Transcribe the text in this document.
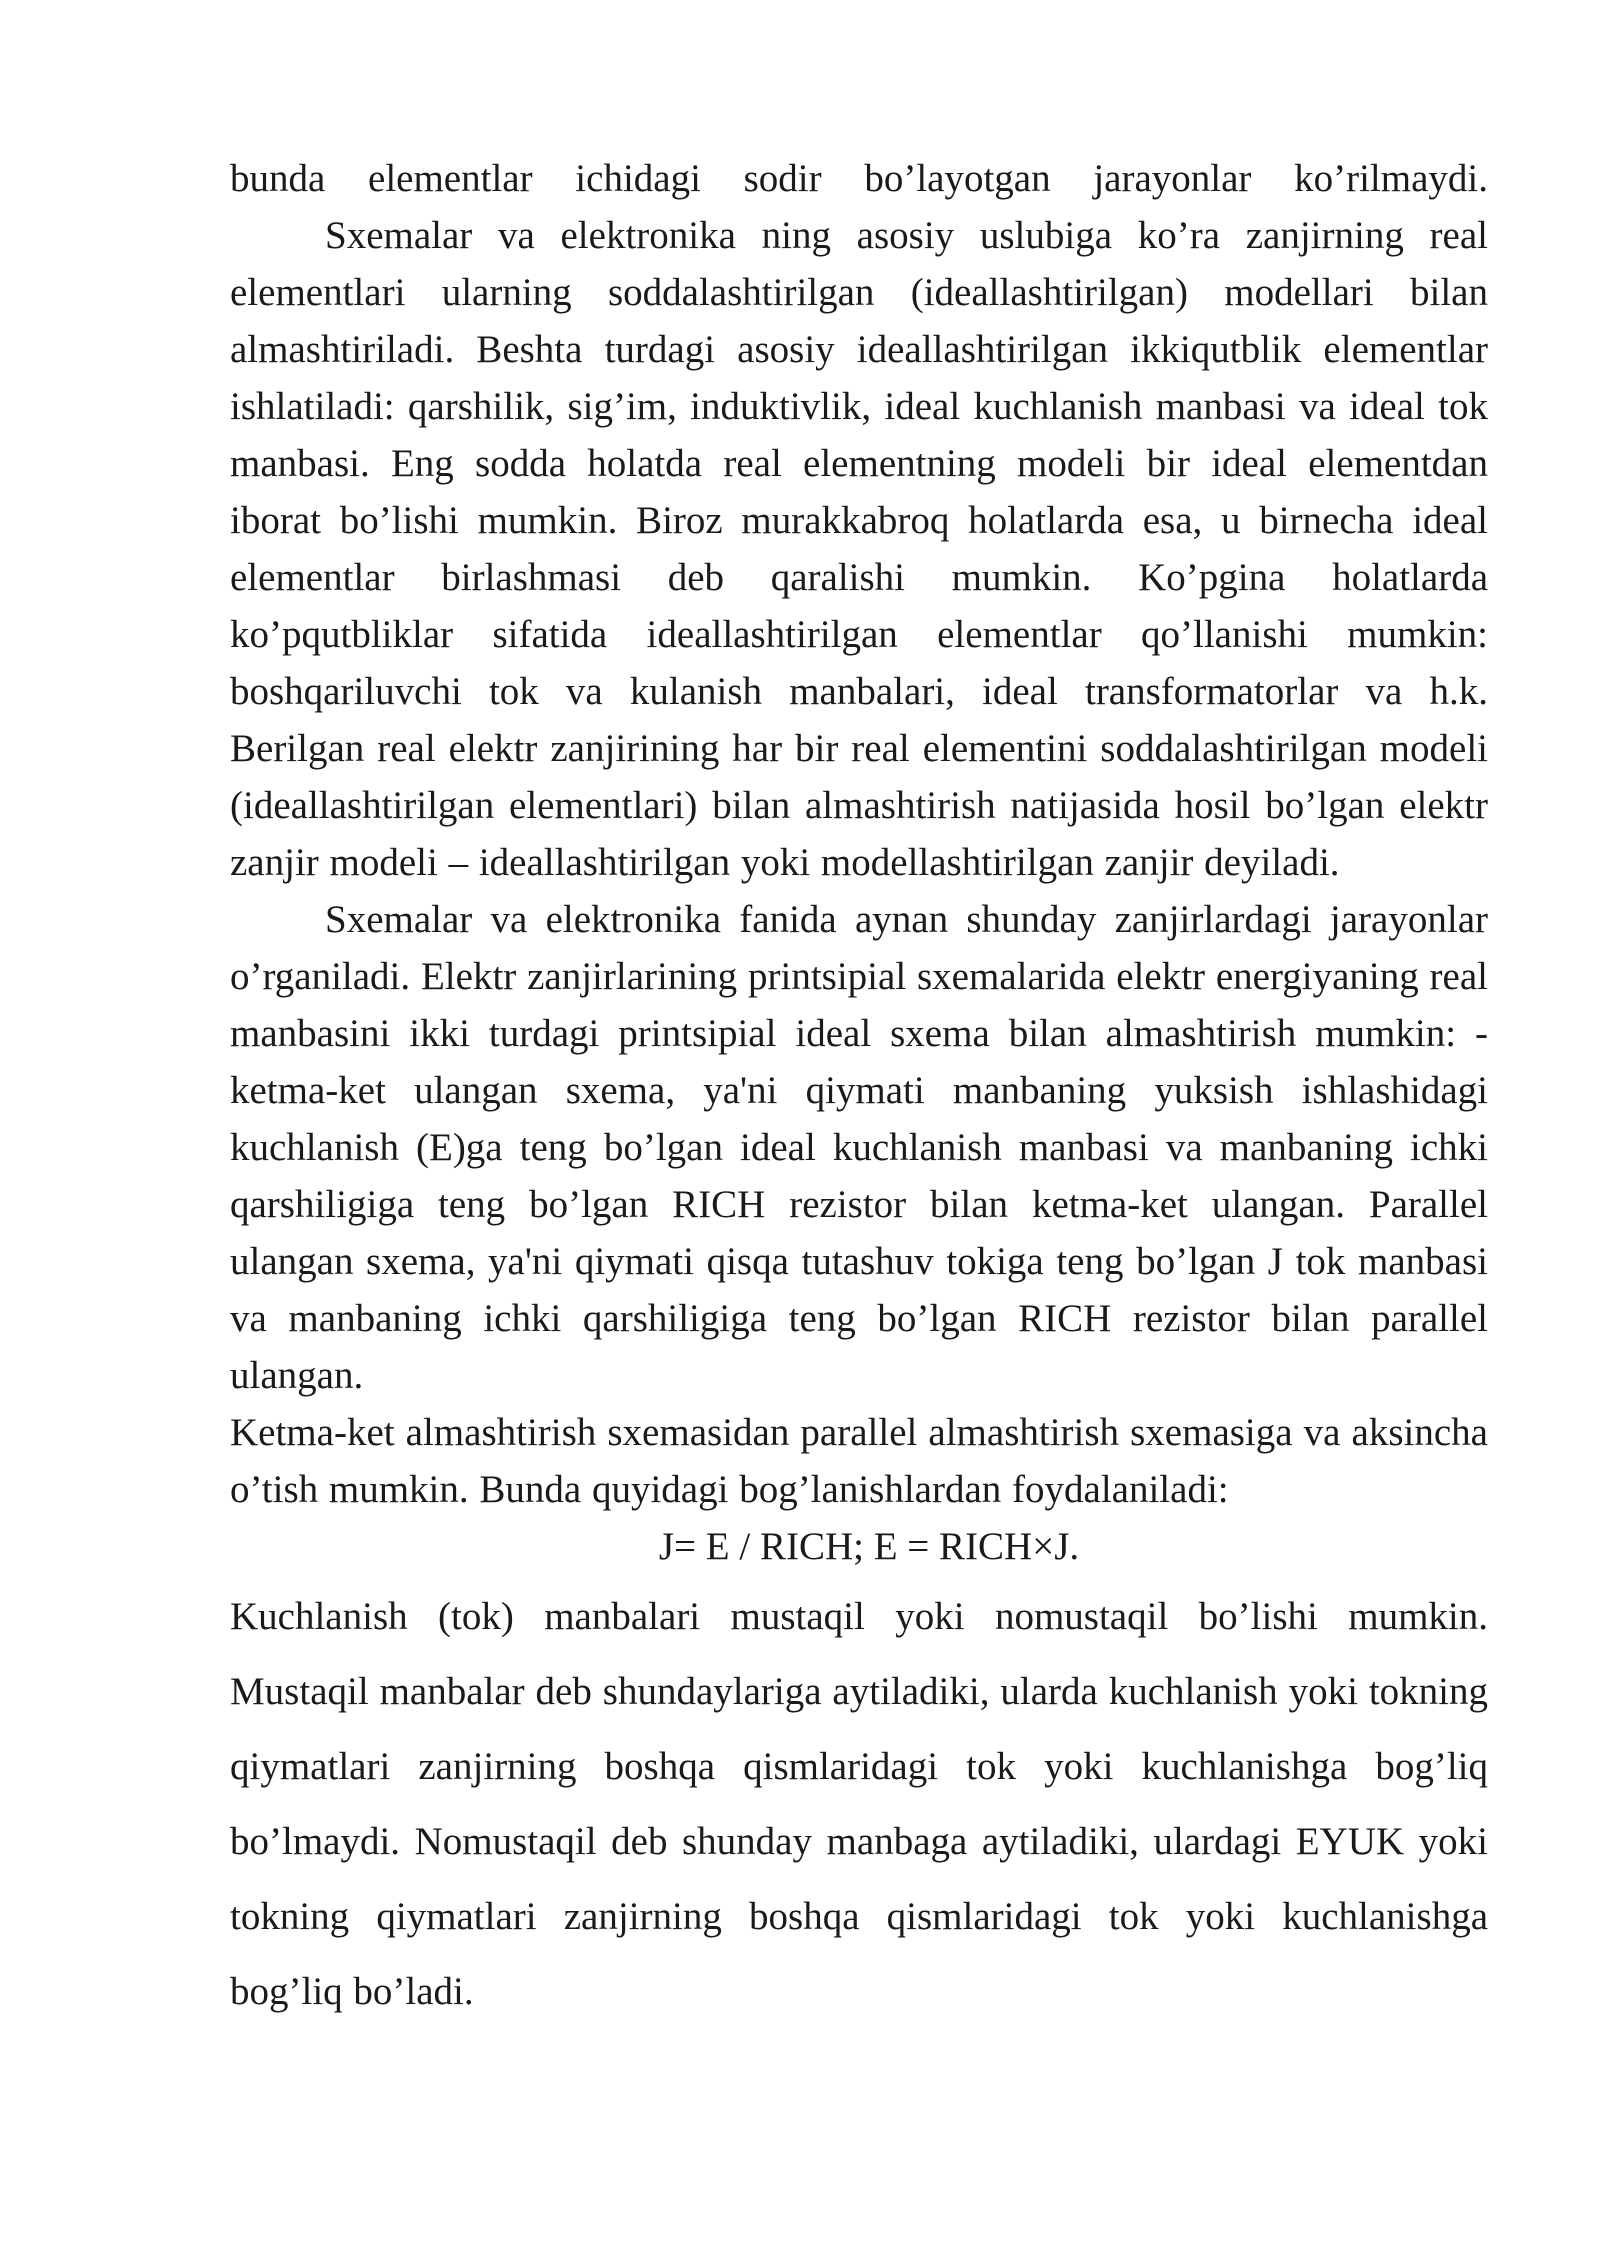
bunda elementlar ichidagi sodir bo’layotgan jarayonlar ko’rilmaydi.

Sxemalar va elektronika ning asosiy uslubiga ko’ra zanjirning real elementlari ularning soddalashtirilgan (ideallashtirilgan) modellari bilan almashtiriladi. Beshta turdagi asosiy ideallashtirilgan ikkiqutblik elementlar ishlatiladi: qarshilik, sig’im, induktivlik, ideal kuchlanish manbasi va ideal tok manbasi. Eng sodda holatda real elementning modeli bir ideal elementdan iborat bo’lishi mumkin. Biroz murakkabroq holatlarda esa, u birnecha ideal elementlar birlashmasi deb qaralishi mumkin. Ko’pgina holatlarda ko’pqutbliklar sifatida ideallashtirilgan elementlar qo’llanishi mumkin: boshqariluvchi tok va kulanish manbalari, ideal transformatorlar va h.k. Berilgan real elektr zanjirining har bir real elementini soddalashtirilgan modeli (ideallashtirilgan elementlari) bilan almashtirish natijasida hosil bo’lgan elektr zanjir modeli – ideallashtirilgan yoki modellashtirilgan zanjir deyiladi.

Sxemalar va elektronika fanida aynan shunday zanjirlardagi jarayonlar o’rganiladi. Elektr zanjirlarining printsipial sxemalarida elektr energiyaning real manbasini ikki turdagi printsipial ideal sxema bilan almashtirish mumkin: -ketma-ket ulangan sxema, ya'ni qiymati manbaning yuksish ishlashidagi kuchlanish (E)ga teng bo’lgan ideal kuchlanish manbasi va manbaning ichki qarshiligiga teng bo’lgan RICH rezistor bilan ketma-ket ulangan. Parallel ulangan sxema, ya'ni qiymati qisqa tutashuv tokiga teng bo’lgan J tok manbasi va manbaning ichki qarshiligiga teng bo’lgan RICH rezistor bilan parallel ulangan.

Ketma-ket almashtirish sxemasidan parallel almashtirish sxemasiga va aksincha o’tish mumkin. Bunda quyidagi bog’lanishlardan foydalaniladi:

J= E / RICH; E = RICH×J.

Kuchlanish (tok) manbalari mustaqil yoki nomustaqil bo’lishi mumkin. Mustaqil manbalar deb shundaylariga aytiladiki, ularda kuchlanish yoki tokning qiymatlari zanjirning boshqa qismlaridagi tok yoki kuchlanishga bog’liq bo’lmaydi. Nomustaqil deb shunday manbaga aytiladiki, ulardagi EYUK yoki tokning qiymatlari zanjirning boshqa qismlaridagi tok yoki kuchlanishga bog’liq bo’ladi.
